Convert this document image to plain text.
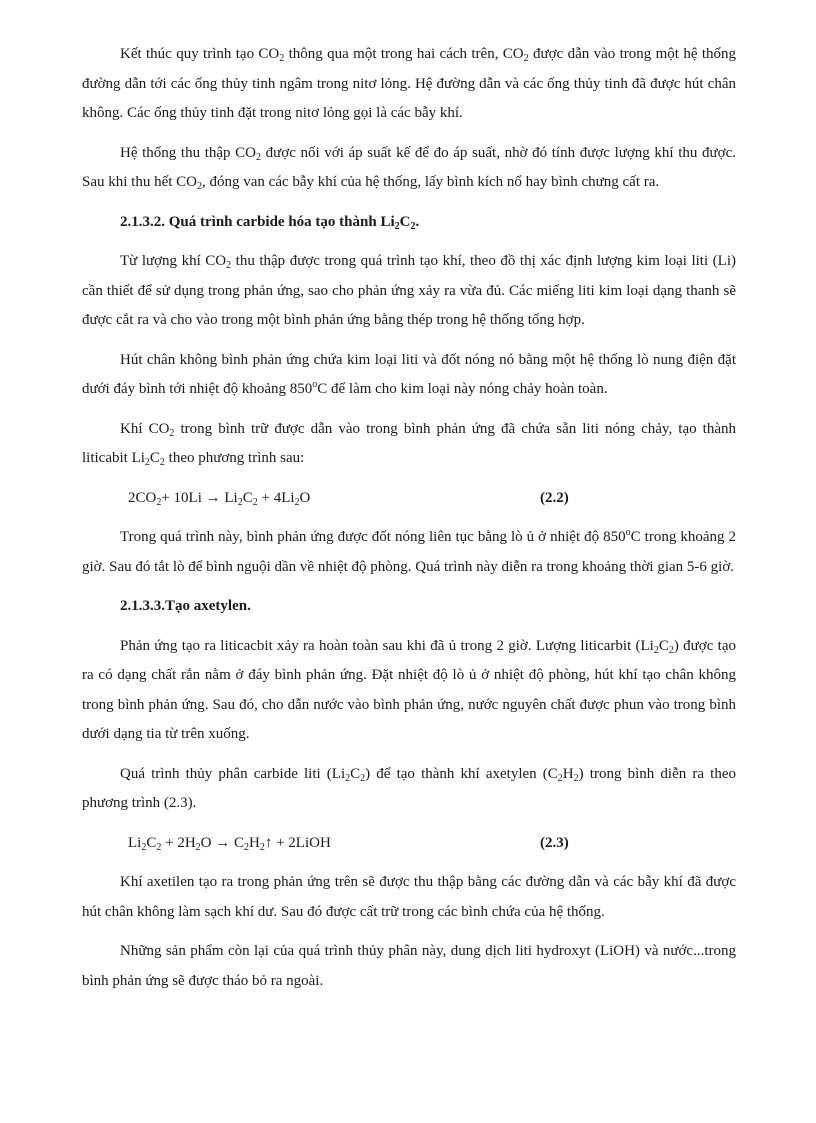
Kết thúc quy trình tạo $CO_2$ thông qua một trong hai cách trên, $CO_2$ được dẫn vào trong một hệ thống đường dẫn tới các ống thủy tinh ngâm trong nitơ lỏng. Hệ đường dẫn và các ống thủy tinh đã được hút chân không. Các ống thủy tinh đặt trong nitơ lỏng gọi là các bẫy khí.

Hệ thống thu thập $CO_2$ được nối với áp suất kế để đo áp suất, nhờ đó tính được lượng khí thu được. Sau khi thu hết $CO_2$, đóng van các bẫy khí của hệ thống, lấy bình kích nổ hay bình chưng cất ra.

2.1.3.2. Quá trình carbide hóa tạo thành $Li_2C_2$.

Từ lượng khí $CO_2$ thu thập được trong quá trình tạo khí, theo đồ thị xác định lượng kim loại liti (Li) cần thiết để sử dụng trong phản ứng, sao cho phản ứng xảy ra vừa đủ. Các miếng liti kim loại dạng thanh sẽ được cắt ra và cho vào trong một bình phản ứng bằng thép trong hệ thống tổng hợp.

Hút chân không bình phản ứng chứa kim loại liti và đốt nóng nó bằng một hệ thống lò nung điện đặt dưới đáy bình tới nhiệt độ khoảng 850$^o$C để làm cho kim loại này nóng chảy hoàn toàn.

Khí $CO_2$ trong bình trữ được dẫn vào trong bình phản ứng đã chứa sẵn liti nóng chảy, tạo thành liticabit $Li_2C_2$ theo phương trình sau:

$2CO_2+ 10Li \to Li_2C_2 + 4Li_2O$	(2.2)

Trong quá trình này, bình phản ứng được đốt nóng liên tục bằng lò ủ ở nhiệt độ 850$^o$C trong khoảng 2 giờ. Sau đó tắt lò để bình nguội dần về nhiệt độ phòng. Quá trình này diễn ra trong khoảng thời gian 5-6 giờ.

2.1.3.3.Tạo axetylen.

Phản ứng tạo ra liticacbit xảy ra hoàn toàn sau khi đã ủ trong 2 giờ. Lượng liticarbit $(Li_2C_2)$ được tạo ra có dạng chất rắn nằm ở đáy bình phản ứng. Đặt nhiệt độ lò ủ ở nhiệt độ phòng, hút khí tạo chân không trong bình phản ứng. Sau đó, cho dẫn nước vào bình phản ứng, nước nguyên chất được phun vào trong bình dưới dạng tia từ trên xuống.

Quá trình thủy phân carbide liti $(Li_2C_2)$ để tạo thành khí axetylen $(C_2H_2)$ trong bình diễn ra theo phương trình (2.3).

$Li_2C_2 + 2H_2O$ → $C_2H_2↑$ + 2LiOH	(2.3)

Khí axetilen tạo ra trong phản ứng trên sẽ được thu thập bằng các đường dẫn và các bẫy khí đã được hút chân không làm sạch khí dư. Sau đó được cất trữ trong các bình chứa của hệ thống.

Những sản phẩm còn lại của quá trình thủy phân này, dung dịch liti hydroxyt (LiOH) và nước...trong bình phản ứng sẽ được tháo bỏ ra ngoài.
